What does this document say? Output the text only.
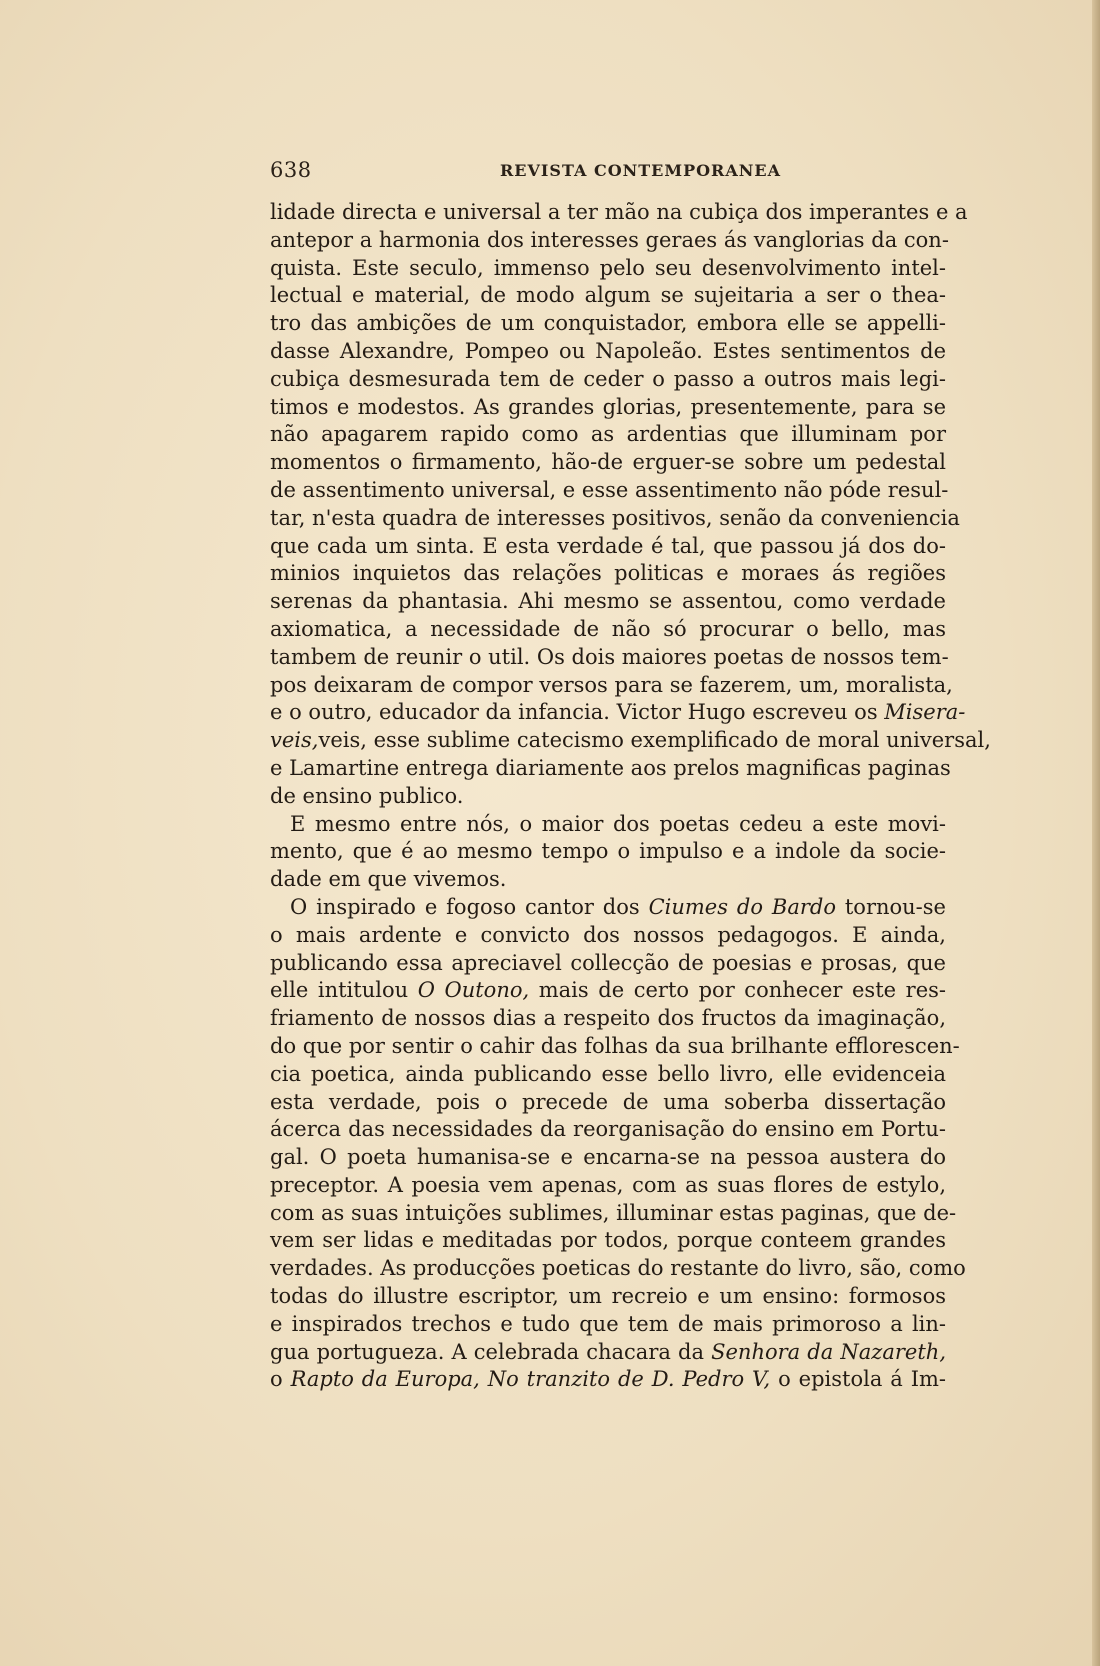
638	REVISTA CONTEMPORANEA
lidade directa e universal a ter mão na cubiça dos imperantes e a
antepor a harmonia dos interesses geraes ás vanglorias da con-
quista. Este seculo, immenso pelo seu desenvolvimento intel-
lectual e material, de modo algum se sujeitaria a ser o thea-
tro das ambições de um conquistador, embora elle se appelli-
dasse Alexandre, Pompeo ou Napoleão. Estes sentimentos de
cubiça desmesurada tem de ceder o passo a outros mais legi-
timos e modestos. As grandes glorias, presentemente, para se
não apagarem rapido como as ardentias que illuminam por
momentos o firmamento, hão-de erguer-se sobre um pedestal
de assentimento universal, e esse assentimento não póde resul-
tar, n'esta quadra de interesses positivos, senão da conveniencia
que cada um sinta. E esta verdade é tal, que passou já dos do-
minios inquietos das relações politicas e moraes ás regiões
serenas da phantasia. Ahi mesmo se assentou, como verdade
axiomatica, a necessidade de não só procurar o bello, mas
tambem de reunir o util. Os dois maiores poetas de nossos tem-
pos deixaram de compor versos para se fazerem, um, moralista,
e o outro, educador da infancia. Victor Hugo escreveu os Misera-
veis,veis, esse sublime catecismo exemplificado de moral universal,
e Lamartine entrega diariamente aos prelos magnificas paginas
de ensino publico.
E mesmo entre nós, o maior dos poetas cedeu a este movi-
mento, que é ao mesmo tempo o impulso e a indole da socie-
dade em que vivemos.
O inspirado e fogoso cantor dos Ciumes do Bardo tornou-se
o mais ardente e convicto dos nossos pedagogos. E ainda,
publicando essa apreciavel collecção de poesias e prosas, que
elle intitulou O Outono, mais de certo por conhecer este res-
friamento de nossos dias a respeito dos fructos da imaginação,
do que por sentir o cahir das folhas da sua brilhante efflorescen-
cia poetica, ainda publicando esse bello livro, elle evidenceia
esta verdade, pois o precede de uma soberba dissertação
ácerca das necessidades da reorganisação do ensino em Portu-
gal. O poeta humanisa-se e encarna-se na pessoa austera do
preceptor. A poesia vem apenas, com as suas flores de estylo,
com as suas intuições sublimes, illuminar estas paginas, que de-
vem ser lidas e meditadas por todos, porque conteem grandes
verdades. As producções poeticas do restante do livro, são, como
todas do illustre escriptor, um recreio e um ensino: formosos
e inspirados trechos e tudo que tem de mais primoroso a lin-
gua portugueza. A celebrada chacara da Senhora da Nazareth,
o Rapto da Europa, No tranzito de D. Pedro V, o epistola á Im-
